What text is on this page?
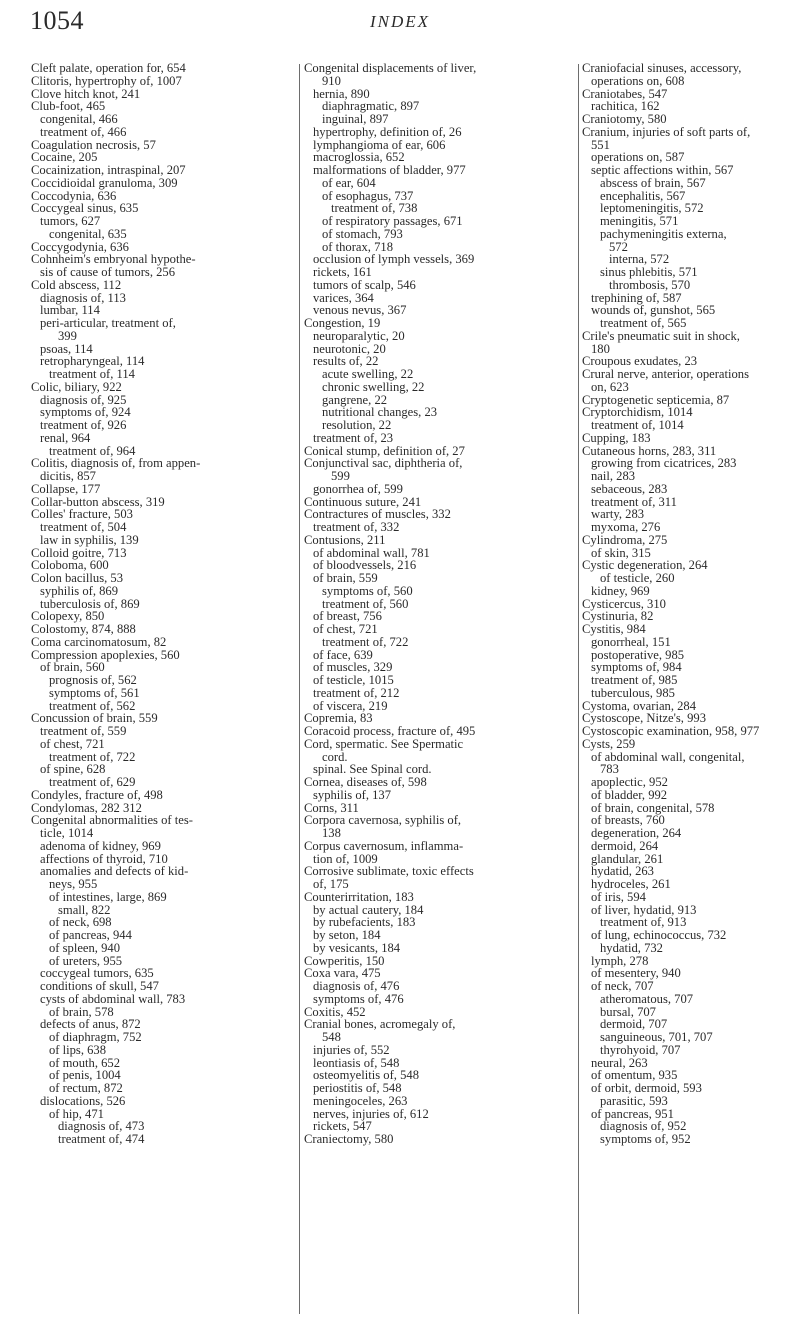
1054	INDEX
Cleft palate, operation for, 654
Clitoris, hypertrophy of, 1007
Clove hitch knot, 241
Club-foot, 465
congenital, 466
treatment of, 466
Coagulation necrosis, 57
Cocaine, 205
Cocainization, intraspinal, 207
Coccidioidal granuloma, 309
Coccodynia, 636
Coccygeal sinus, 635
tumors, 627
congenital, 635
Coccygodynia, 636
Cohnheim's embryonal hypothe-
sis of cause of tumors, 256
Cold abscess, 112
diagnosis of, 113
lumbar, 114
peri-articular, treatment of,
399
psoas, 114
retropharyngeal, 114
treatment of, 114
Colic, biliary, 922
diagnosis of, 925
symptoms of, 924
treatment of, 926
renal, 964
treatment of, 964
Colitis, diagnosis of, from appen-
dicitis, 857
Collapse, 177
Collar-button abscess, 319
Colles' fracture, 503
treatment of, 504
law in syphilis, 139
Colloid goitre, 713
Coloboma, 600
Colon bacillus, 53
syphilis of, 869
tuberculosis of, 869
Colopexy, 850
Colostomy, 874, 888
Coma carcinomatosum, 82
Compression apoplexies, 560
of brain, 560
prognosis of, 562
symptoms of, 561
treatment of, 562
Concussion of brain, 559
treatment of, 559
of chest, 721
treatment of, 722
of spine, 628
treatment of, 629
Condyles, fracture of, 498
Condylomas, 282 312
Congenital abnormalities of tes-
ticle, 1014
adenoma of kidney, 969
affections of thyroid, 710
anomalies and defects of kid-
neys, 955
of intestines, large, 869
small, 822
of neck, 698
of pancreas, 944
of spleen, 940
of ureters, 955
coccygeal tumors, 635
conditions of skull, 547
cysts of abdominal wall, 783
of brain, 578
defects of anus, 872
of diaphragm, 752
of lips, 638
of mouth, 652
of penis, 1004
of rectum, 872
dislocations, 526
of hip, 471
diagnosis of, 473
treatment of, 474
Congenital displacements of liver,
910
hernia, 890
diaphragmatic, 897
inguinal, 897
hypertrophy, definition of, 26
lymphangioma of ear, 606
macroglossia, 652
malformations of bladder, 977
of ear, 604
of esophagus, 737
treatment of, 738
of respiratory passages, 671
of stomach, 793
of thorax, 718
occlusion of lymph vessels, 369
rickets, 161
tumors of scalp, 546
varices, 364
venous nevus, 367
Congestion, 19
neuroparalytic, 20
neurotonic, 20
results of, 22
acute swelling, 22
chronic swelling, 22
gangrene, 22
nutritional changes, 23
resolution, 22
treatment of, 23
Conical stump, definition of, 27
Conjunctival sac, diphtheria of,
599
gonorrhea of, 599
Continuous suture, 241
Contractures of muscles, 332
treatment of, 332
Contusions, 211
of abdominal wall, 781
of bloodvessels, 216
of brain, 559
symptoms of, 560
treatment of, 560
of breast, 756
of chest, 721
treatment of, 722
of face, 639
of muscles, 329
of testicle, 1015
treatment of, 212
of viscera, 219
Copremia, 83
Coracoid process, fracture of, 495
Cord, spermatic. See Spermatic
cord.
spinal. See Spinal cord.
Cornea, diseases of, 598
syphilis of, 137
Corns, 311
Corpora cavernosa, syphilis of,
138
Corpus cavernosum, inflamma-
tion of, 1009
Corrosive sublimate, toxic effects
of, 175
Counterirritation, 183
by actual cautery, 184
by rubefacients, 183
by seton, 184
by vesicants, 184
Cowperitis, 150
Coxa vara, 475
diagnosis of, 476
symptoms of, 476
Coxitis, 452
Cranial bones, acromegaly of,
548
injuries of, 552
leontiasis of, 548
osteomyelitis of, 548
periostitis of, 548
meningoceles, 263
nerves, injuries of, 612
rickets, 547
Craniectomy, 580
Craniofacial sinuses, accessory,
operations on, 608
Craniotabes, 547
rachitica, 162
Craniotomy, 580
Cranium, injuries of soft parts of,
551
operations on, 587
septic affections within, 567
abscess of brain, 567
encephalitis, 567
leptomeningitis, 572
meningitis, 571
pachymeningitis externa,
572
interna, 572
sinus phlebitis, 571
thrombosis, 570
trephining of, 587
wounds of, gunshot, 565
treatment of, 565
Crile's pneumatic suit in shock,
180
Croupous exudates, 23
Crural nerve, anterior, operations
on, 623
Cryptogenetic septicemia, 87
Cryptorchidism, 1014
treatment of, 1014
Cupping, 183
Cutaneous horns, 283, 311
growing from cicatrices, 283
nail, 283
sebaceous, 283
treatment of, 311
warty, 283
myxoma, 276
Cylindroma, 275
of skin, 315
Cystic degeneration, 264
of testicle, 260
kidney, 969
Cysticercus, 310
Cystinuria, 82
Cystitis, 984
gonorrheal, 151
postoperative, 985
symptoms of, 984
treatment of, 985
tuberculous, 985
Cystoma, ovarian, 284
Cystoscope, Nitze's, 993
Cystoscopic examination, 958, 977
Cysts, 259
of abdominal wall, congenital,
783
apoplectic, 952
of bladder, 992
of brain, congenital, 578
of breasts, 760
degeneration, 264
dermoid, 264
glandular, 261
hydatid, 263
hydroceles, 261
of iris, 594
of liver, hydatid, 913
treatment of, 913
of lung, echinococcus, 732
hydatid, 732
lymph, 278
of mesentery, 940
of neck, 707
atheromatous, 707
bursal, 707
dermoid, 707
sanguineous, 701, 707
thyrohyoid, 707
neural, 263
of omentum, 935
of orbit, dermoid, 593
parasitic, 593
of pancreas, 951
diagnosis of, 952
symptoms of, 952
